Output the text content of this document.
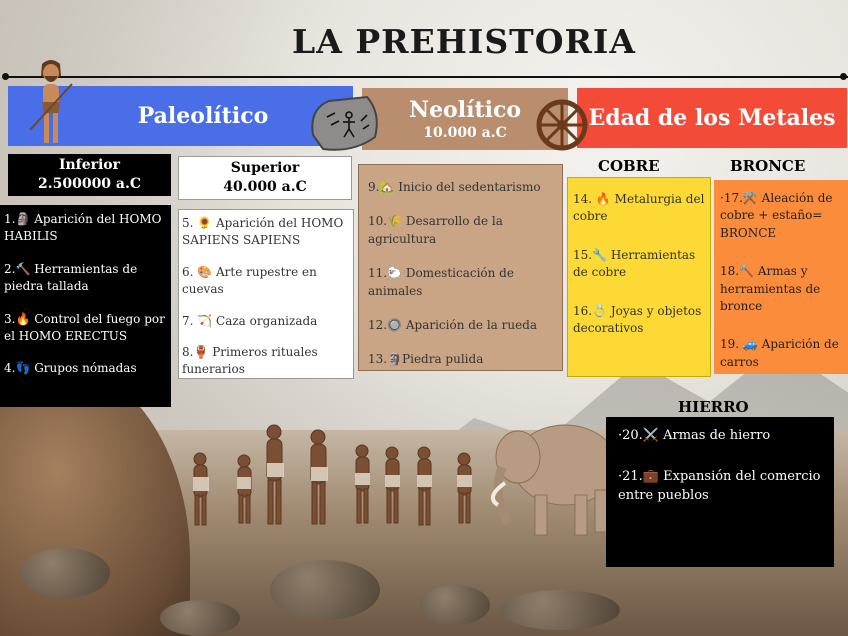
LA PREHISTORIA
Paleolítico	Neolítico
10.000 a.C
Edad de los Metales
Inferior
2.500000 a.C
1.🗿 Aparición del HOMO HABILIS
2.🔨 Herramientas de piedra tallada
3.🔥 Control del fuego por el HOMO ERECTUS
4.👣 Grupos nómadas
Superior
40.000 a.C
5. 🌻 Aparición del HOMO SAPIENS SAPIENS
6. 🎨 Arte rupestre en cuevas
7. 🏹 Caza organizada
8.🏺 Primeros rituales funerarios
9.🏡 Inicio del sedentarismo
10.🌾 Desarrollo de la agricultura
11.🐑 Domesticación de animales
12.🔘 Aparición de la rueda
13.🗿Piedra pulida
COBRE
14. 🔥 Metalurgia del cobre
15.🔧 Herramientas de cobre
16.💍 Joyas y objetos decorativos
BRONCE
·17.⚒️ Aleación de cobre + estaño= BRONCE
18.🔨 Armas y herramientas de bronce
19. 🚙 Aparición de carros
HIERRO
·20.⚔️ Armas de hierro
·21.💼 Expansión del comercio entre pueblos
